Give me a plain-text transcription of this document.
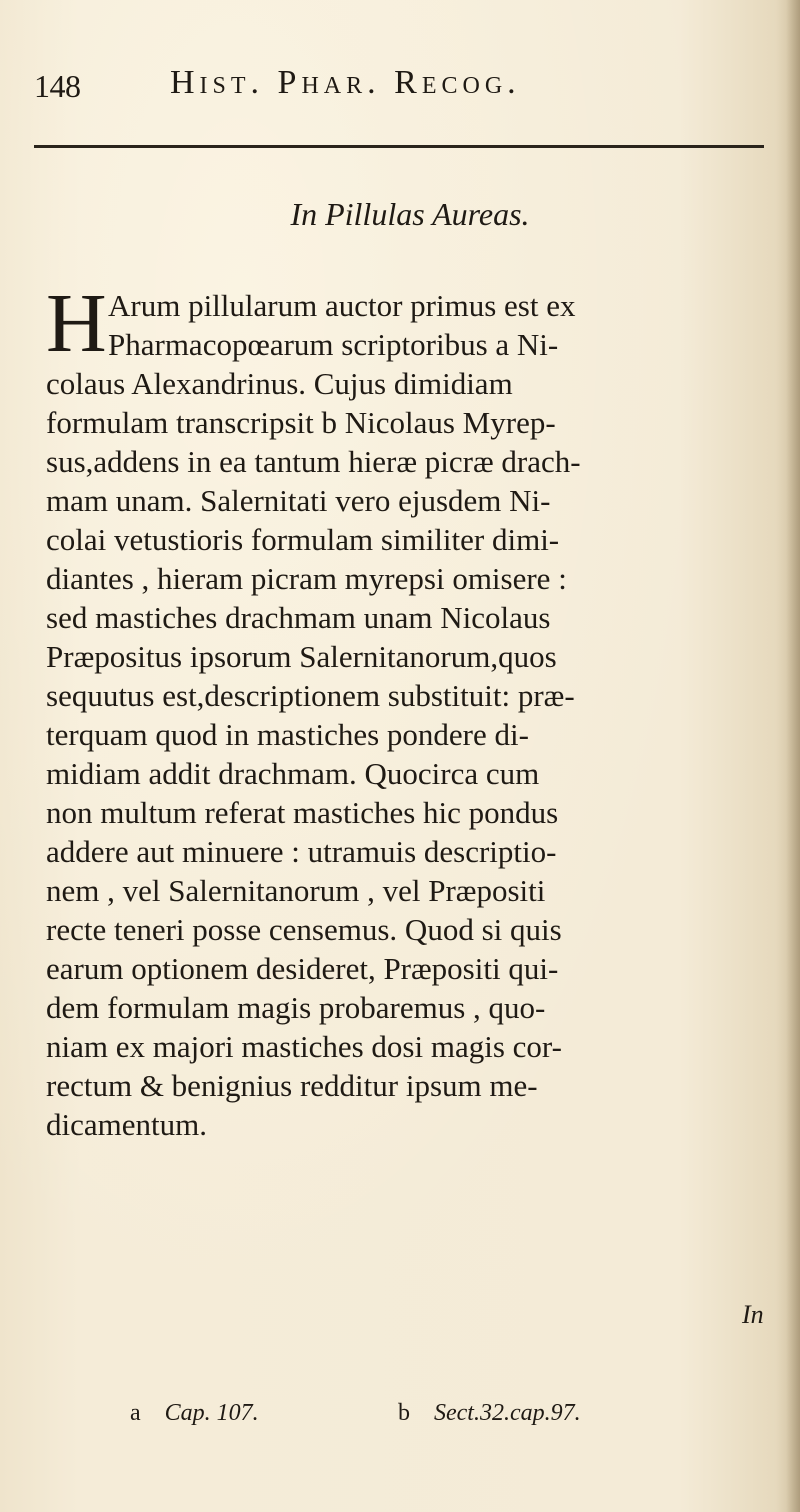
148	Hist. Phar. Recog.
In Pillulas Aureas.
H Arum pillularum auctor primus est ex
Pharmacopœarum scriptoribus a Ni-
colaus Alexandrinus. Cujus dimidiam
formulam transcripsit b Nicolaus Myrep-
sus,addens in ea tantum hieræ picræ drach-
mam unam. Salernitati vero ejusdem Ni-
colai vetustioris formulam similiter dimi-
diantes , hieram picram myrepsi omisere :
sed mastiches drachmam unam Nicolaus
Præpositus ipsorum Salernitanorum,quos
sequutus est,descriptionem substituit: præ-
terquam quod in mastiches pondere di-
midiam addit drachmam. Quocirca cum
non multum referat mastiches hic pondus
addere aut minuere : utramuis descriptio-
nem , vel Salernitanorum , vel Præpositi
recte teneri posse censemus. Quod si quis
earum optionem desideret, Præpositi qui-
dem formulam magis probaremus , quo-
niam ex majori mastiches dosi magis cor-
rectum & benignius redditur ipsum me-
dicamentum.
In
a Cap. 107.	b Sect.32.cap.97.
